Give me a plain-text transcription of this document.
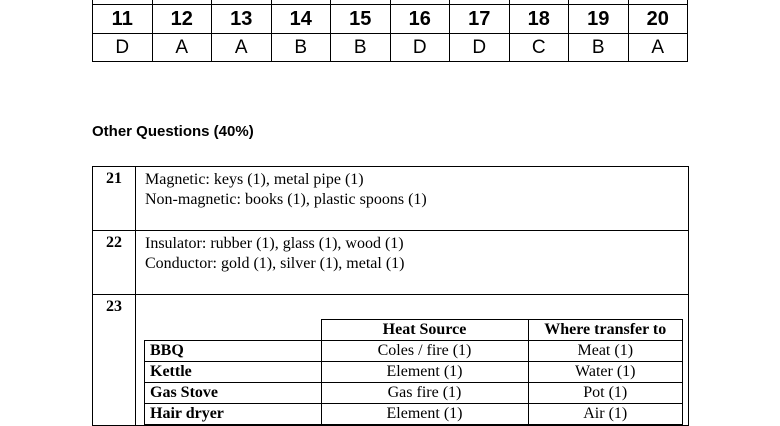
11	12	13	14	15	16	17	18	19	20
D	A	A	B	B	D	D	C	B	A
Other Questions (40%)
21	Magnetic: keys (1), metal pipe (1)
Non-magnetic: books (1), plastic spoons (1)

22	Insulator: rubber (1), glass (1), wood (1)
Conductor: gold (1), silver (1), metal (1)

23	
	Heat Source	Where transfer to
BBQ	Coles / fire (1)	Meat (1)
Kettle	Element (1)	Water (1)
Gas Stove	Gas fire (1)	Pot (1)
Hair dryer	Element (1)	Air (1)
